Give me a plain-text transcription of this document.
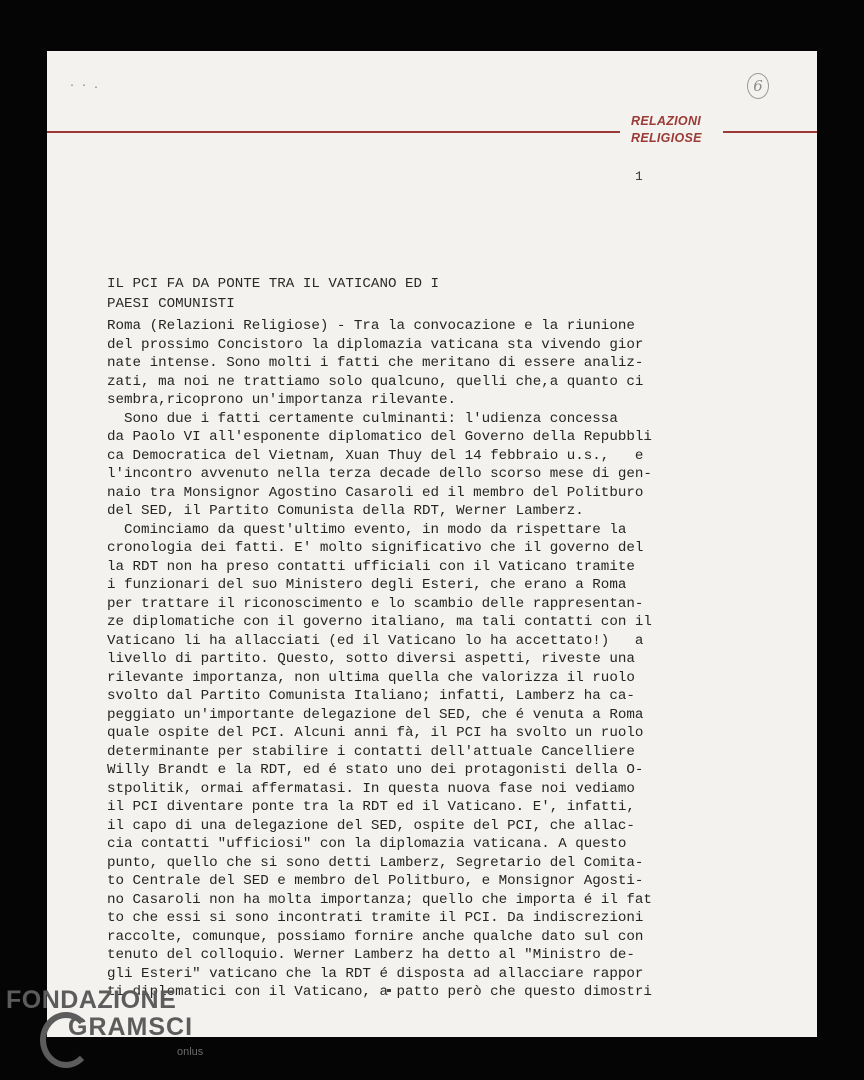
· · .	6
RELAZIONI
RELIGIOSE
1
IL PCI FA DA PONTE TRA IL VATICANO ED I
PAESI COMUNISTI
Roma (Relazioni Religiose) - Tra la convocazione e la riunione
del prossimo Concistoro la diplomazia vaticana sta vivendo gior
nate intense. Sono molti i fatti che meritano di essere analiz-
zati, ma noi ne trattiamo solo qualcuno, quelli che,a quanto ci
sembra,ricoprono un'importanza rilevante.
Sono due i fatti certamente culminanti: l'udienza concessa
da Paolo VI all'esponente diplomatico del Governo della Repubbli
ca Democratica del Vietnam, Xuan Thuy del 14 febbraio u.s.,   e
l'incontro avvenuto nella terza decade dello scorso mese di gen-
naio tra Monsignor Agostino Casaroli ed il membro del Politburo
del SED, il Partito Comunista della RDT, Werner Lamberz.
Cominciamo da quest'ultimo evento, in modo da rispettare la
cronologia dei fatti. E' molto significativo che il governo del
la RDT non ha preso contatti ufficiali con il Vaticano tramite
i funzionari del suo Ministero degli Esteri, che erano a Roma
per trattare il riconoscimento e lo scambio delle rappresentan-
ze diplomatiche con il governo italiano, ma tali contatti con il
Vaticano li ha allacciati (ed il Vaticano lo ha accettato!)   a
livello di partito. Questo, sotto diversi aspetti, riveste una
rilevante importanza, non ultima quella che valorizza il ruolo
svolto dal Partito Comunista Italiano; infatti, Lamberz ha ca-
peggiato un'importante delegazione del SED, che é venuta a Roma
quale ospite del PCI. Alcuni anni fà, il PCI ha svolto un ruolo
determinante per stabilire i contatti dell'attuale Cancelliere
Willy Brandt e la RDT, ed é stato uno dei protagonisti della O-
stpolitik, ormai affermatasi. In questa nuova fase noi vediamo
il PCI diventare ponte tra la RDT ed il Vaticano. E', infatti,
il capo di una delegazione del SED, ospite del PCI, che allac-
cia contatti "ufficiosi" con la diplomazia vaticana. A questo
punto, quello che si sono detti Lamberz, Segretario del Comita-
to Centrale del SED e membro del Politburo, e Monsignor Agosti-
no Casaroli non ha molta importanza; quello che importa é il fat
to che essi si sono incontrati tramite il PCI. Da indiscrezioni
raccolte, comunque, possiamo fornire anche qualche dato sul con
tenuto del colloquio. Werner Lamberz ha detto al "Ministro de-
gli Esteri" vaticano che la RDT é disposta ad allacciare rappor
ti diplomatici con il Vaticano, a patto però che questo dimostri
FONDAZIONE
GRAMSCI
onlus
